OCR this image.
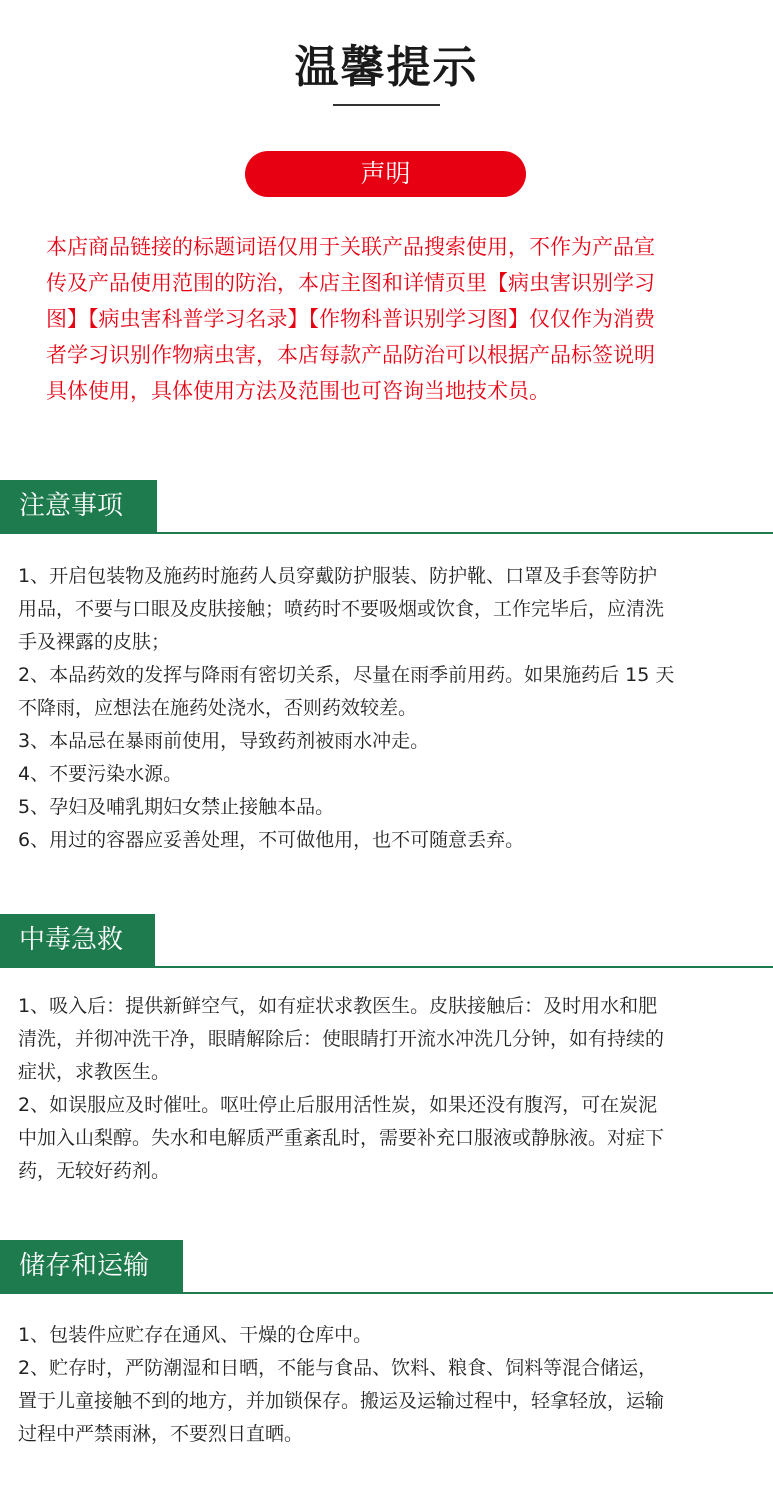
温馨提示
声明

本店商品链接的标题词语仅用于关联产品搜索使用，不作为产品宣

传及产品使用范围的防治，本店主图和详情页里【病虫害识别学习

图】【病虫害科普学习名录】【作物科普识别学习图】仅仅作为消费

者学习识别作物病虫害，本店每款产品防治可以根据产品标签说明

具体使用，具体使用方法及范围也可咨询当地技术员。

注意事项

1、开启包装物及施药时施药人员穿戴防护服装、防护靴、口罩及手套等防护

用品，不要与口眼及皮肤接触；喷药时不要吸烟或饮食，工作完毕后，应清洗

手及裸露的皮肤；

2、本品药效的发挥与降雨有密切关系，尽量在雨季前用药。如果施药后 15 天

不降雨，应想法在施药处浇水，否则药效较差。

3、本品忌在暴雨前使用，导致药剂被雨水冲走。

4、不要污染水源。

5、孕妇及哺乳期妇女禁止接触本品。

6、用过的容器应妥善处理，不可做他用，也不可随意丢弃。

中毒急救

1、吸入后：提供新鲜空气，如有症状求教医生。皮肤接触后：及时用水和肥

清洗，并彻冲洗干净，眼睛解除后：使眼睛打开流水冲洗几分钟，如有持续的

症状，求教医生。

2、如误服应及时催吐。呕吐停止后服用活性炭，如果还没有腹泻，可在炭泥

中加入山梨醇。失水和电解质严重紊乱时，需要补充口服液或静脉液。对症下

药，无较好药剂。

储存和运输

1、包装件应贮存在通风、干燥的仓库中。

2、贮存时，严防潮湿和日晒，不能与食品、饮料、粮食、饲料等混合储运，

置于儿童接触不到的地方，并加锁保存。搬运及运输过程中，轻拿轻放，运输

过程中严禁雨淋，不要烈日直晒。
